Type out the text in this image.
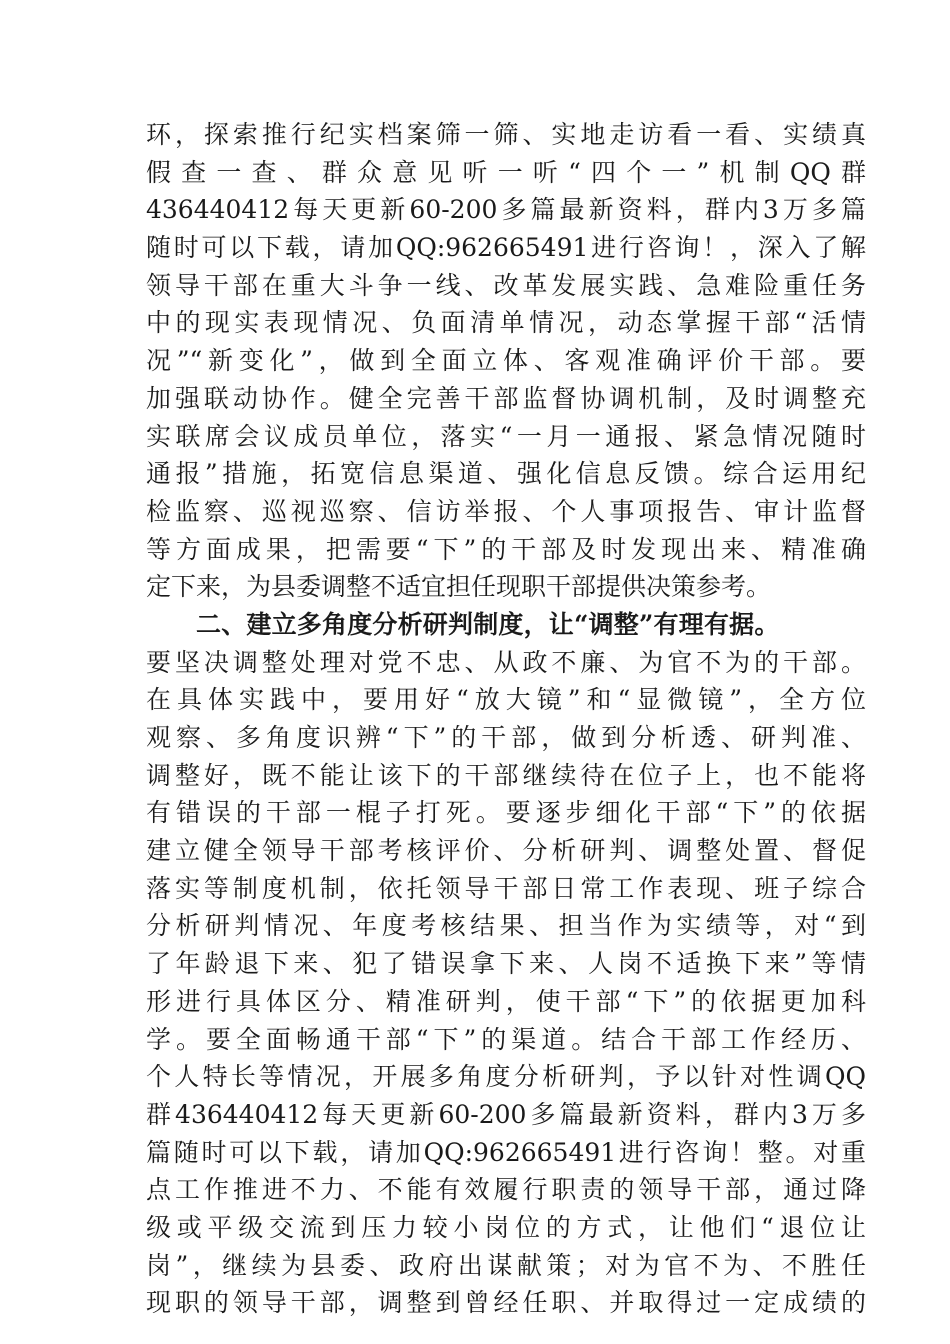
环，探索推行纪实档案筛一筛、实地走访看一看、实绩真
假查一查、群众意见听一听“四个一”机制QQ群
436440412每天更新60-200多篇最新资料，群内3万多篇
随时可以下载，请加QQ:962665491进行咨询！，深入了解
领导干部在重大斗争一线、改革发展实践、急难险重任务
中的现实表现情况、负面清单情况，动态掌握干部“活情
况”“新变化”，做到全面立体、客观准确评价干部。要
加强联动协作。健全完善干部监督协调机制，及时调整充
实联席会议成员单位，落实“一月一通报、紧急情况随时
通报”措施，拓宽信息渠道、强化信息反馈。综合运用纪
检监察、巡视巡察、信访举报、个人事项报告、审计监督
等方面成果，把需要“下”的干部及时发现出来、精准确
定下来，为县委调整不适宜担任现职干部提供决策参考。
二、建立多角度分析研判制度，让“调整”有理有据。
要坚决调整处理对党不忠、从政不廉、为官不为的干部。
在具体实践中，要用好“放大镜”和“显微镜”，全方位
观察、多角度识辨“下”的干部，做到分析透、研判准、
调整好，既不能让该下的干部继续待在位子上，也不能将
有错误的干部一棍子打死。要逐步细化干部“下”的依据
建立健全领导干部考核评价、分析研判、调整处置、督促
落实等制度机制，依托领导干部日常工作表现、班子综合
分析研判情况、年度考核结果、担当作为实绩等，对“到
了年龄退下来、犯了错误拿下来、人岗不适换下来”等情
形进行具体区分、精准研判，使干部“下”的依据更加科
学。要全面畅通干部“下”的渠道。结合干部工作经历、
个人特长等情况，开展多角度分析研判，予以针对性调QQ
群436440412每天更新60-200多篇最新资料，群内3万多
篇随时可以下载，请加QQ:962665491进行咨询！整。对重
点工作推进不力、不能有效履行职责的领导干部，通过降
级或平级交流到压力较小岗位的方式，让他们“退位让
岗”，继续为县委、政府出谋献策；对为官不为、不胜任
现职的领导干部，调整到曾经任职、并取得过一定成绩的
